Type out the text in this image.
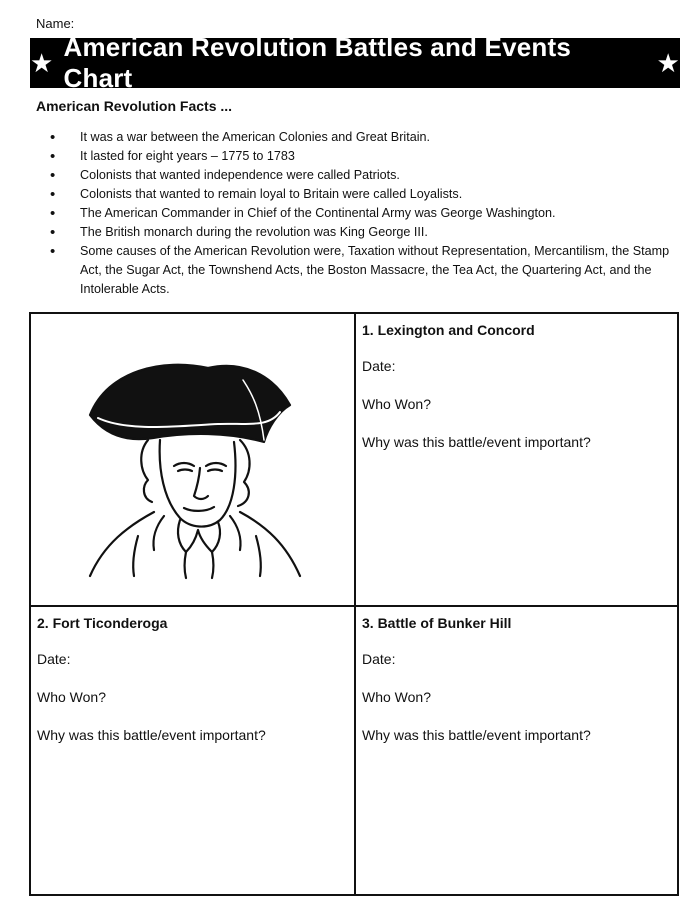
Name:
★
American Revolution Battles and Events Chart
★
American Revolution Facts ...
• It was a war between the American Colonies and Great Britain.
• It lasted for eight years – 1775 to 1783
• Colonists that wanted independence were called Patriots.
• Colonists that wanted to remain loyal to Britain were called Loyalists.
• The American Commander in Chief of the Continental Army was George Washington.
• The British monarch during the revolution was King George III.
• Some causes of the American Revolution were, Taxation without Representation, Mercantilism, the Stamp Act, the Sugar Act, the Townshend Acts, the Boston Massacre, the Tea Act, the Quartering Act, and the Intolerable Acts.
1. Lexington and Concord
Date:
Who Won?
Why was this battle/event important?
2. Fort Ticonderoga
Date:
Who Won?
Why was this battle/event important?
3. Battle of Bunker Hill
Date:
Who Won?
Why was this battle/event important?
